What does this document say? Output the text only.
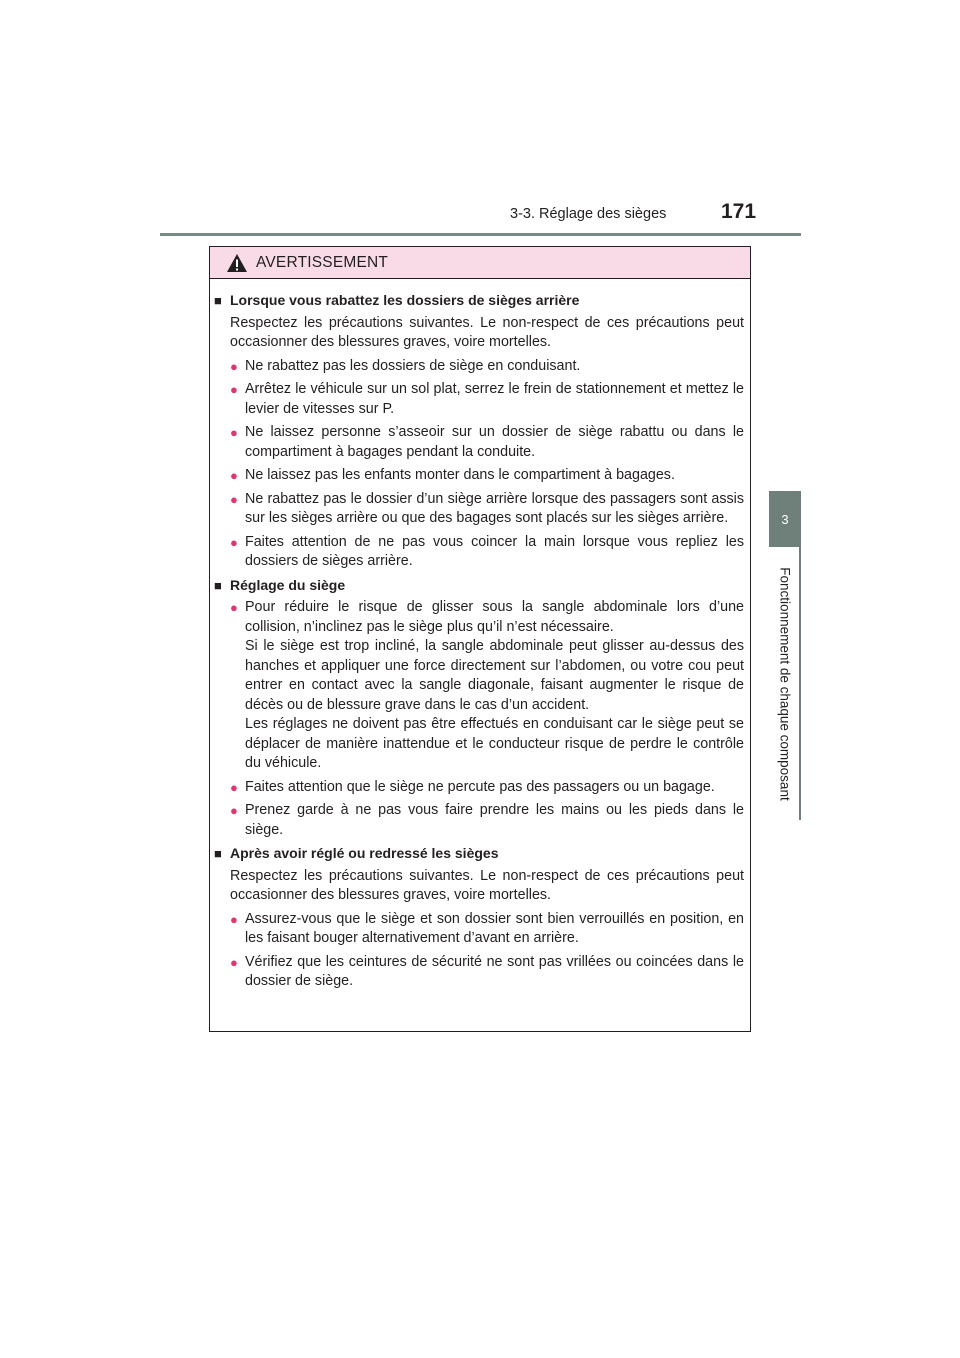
3-3. Réglage des sièges	171
3
Fonctionnement de chaque composant
AVERTISSEMENT
■ Lorsque vous rabattez les dossiers de sièges arrière
Respectez les précautions suivantes. Le non-respect de ces précautions peut occasionner des blessures graves, voire mortelles.
● Ne rabattez pas les dossiers de siège en conduisant.
● Arrêtez le véhicule sur un sol plat, serrez le frein de stationnement et mettez le levier de vitesses sur P.
● Ne laissez personne s’asseoir sur un dossier de siège rabattu ou dans le compartiment à bagages pendant la conduite.
● Ne laissez pas les enfants monter dans le compartiment à bagages.
● Ne rabattez pas le dossier d’un siège arrière lorsque des passagers sont assis sur les sièges arrière ou que des bagages sont placés sur les sièges arrière.
● Faites attention de ne pas vous coincer la main lorsque vous repliez les dossiers de sièges arrière.
■ Réglage du siège
● Pour réduire le risque de glisser sous la sangle abdominale lors d’une collision, n’inclinez pas le siège plus qu’il n’est nécessaire.
Si le siège est trop incliné, la sangle abdominale peut glisser au-dessus des hanches et appliquer une force directement sur l’abdomen, ou votre cou peut entrer en contact avec la sangle diagonale, faisant augmenter le risque de décès ou de blessure grave dans le cas d’un accident.
Les réglages ne doivent pas être effectués en conduisant car le siège peut se déplacer de manière inattendue et le conducteur risque de perdre le contrôle du véhicule.
● Faites attention que le siège ne percute pas des passagers ou un bagage.
● Prenez garde à ne pas vous faire prendre les mains ou les pieds dans le siège.
■ Après avoir réglé ou redressé les sièges
Respectez les précautions suivantes. Le non-respect de ces précautions peut occasionner des blessures graves, voire mortelles.
● Assurez-vous que le siège et son dossier sont bien verrouillés en position, en les faisant bouger alternativement d’avant en arrière.
● Vérifiez que les ceintures de sécurité ne sont pas vrillées ou coincées dans le dossier de siège.
